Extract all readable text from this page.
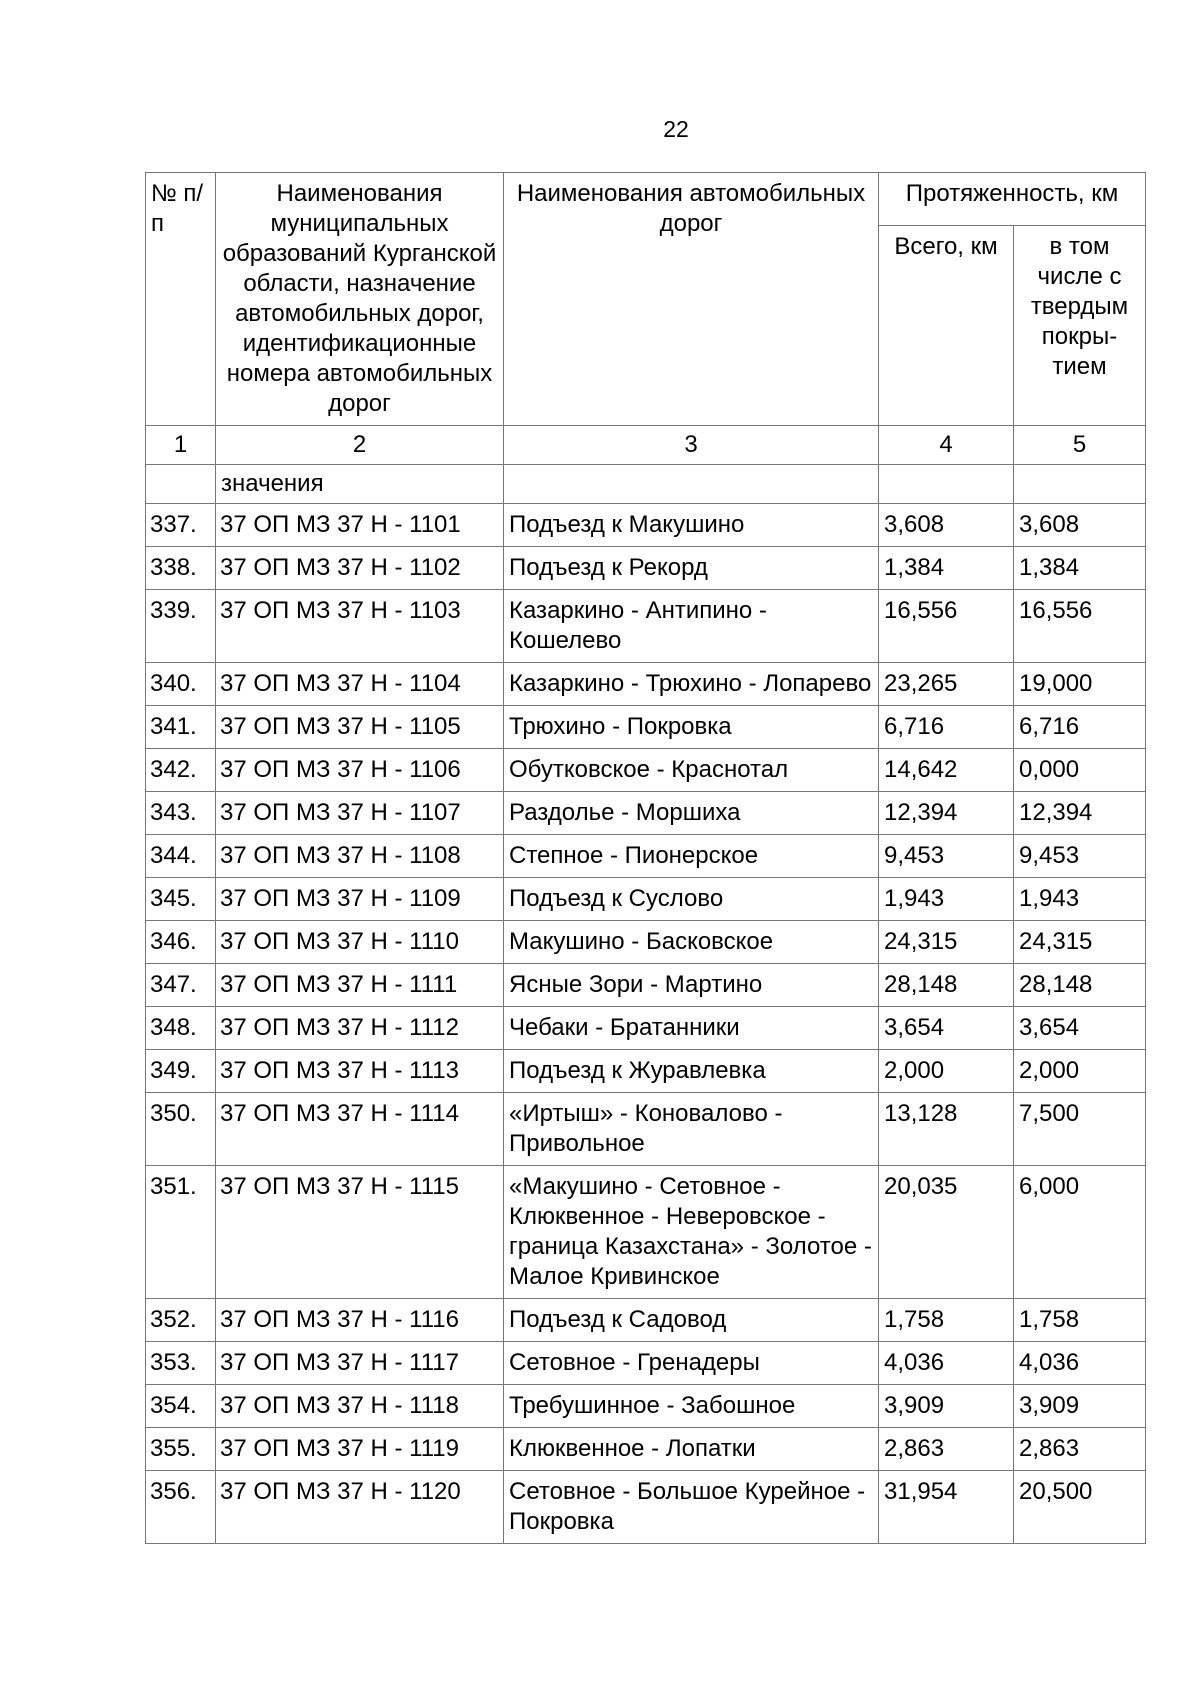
22
№ п/п	Наименования муниципальных образований Курганской области, назначение автомобильных дорог, идентификационные номера автомобильных дорог	Наименования автомобильных дорог	Протяженность, км	
			Всего, км	в том числе с твердым покры-тием
1	2	3	4	5
	значения			
337.	37 ОП МЗ 37 Н - 1101	Подъезд к Макушино	3,608	3,608
338.	37 ОП МЗ 37 Н - 1102	Подъезд к Рекорд	1,384	1,384
339.	37 ОП МЗ 37 Н - 1103	Казаркино - Антипино - Кошелево	16,556	16,556
340.	37 ОП МЗ 37 Н - 1104	Казаркино - Трюхино - Лопарево	23,265	19,000
341.	37 ОП МЗ 37 Н - 1105	Трюхино - Покровка	6,716	6,716
342.	37 ОП МЗ 37 Н - 1106	Обутковское - Краснотал	14,642	0,000
343.	37 ОП МЗ 37 Н - 1107	Раздолье - Моршиха	12,394	12,394
344.	37 ОП МЗ 37 Н - 1108	Степное - Пионерское	9,453	9,453
345.	37 ОП МЗ 37 Н - 1109	Подъезд к Суслово	1,943	1,943
346.	37 ОП МЗ 37 Н - 1110	Макушино - Басковское	24,315	24,315
347.	37 ОП МЗ 37 Н - 1111	Ясные Зори - Мартино	28,148	28,148
348.	37 ОП МЗ 37 Н - 1112	Чебаки - Братанники	3,654	3,654
349.	37 ОП МЗ 37 Н - 1113	Подъезд к Журавлевка	2,000	2,000
350.	37 ОП МЗ 37 Н - 1114	«Иртыш» - Коновалово - Привольное	13,128	7,500
351.	37 ОП МЗ 37 Н - 1115	«Макушино - Сетовное - Клюквенное - Неверовское - граница Казахстана» - Золотое - Малое Кривинское	20,035	6,000
352.	37 ОП МЗ 37 Н - 1116	Подъезд к Садовод	1,758	1,758
353.	37 ОП МЗ 37 Н - 1117	Сетовное - Гренадеры	4,036	4,036
354.	37 ОП МЗ 37 Н - 1118	Требушинное - Забошное	3,909	3,909
355.	37 ОП МЗ 37 Н - 1119	Клюквенное - Лопатки	2,863	2,863
356.	37 ОП МЗ 37 Н - 1120	Сетовное - Большое Курейное - Покровка	31,954	20,500
